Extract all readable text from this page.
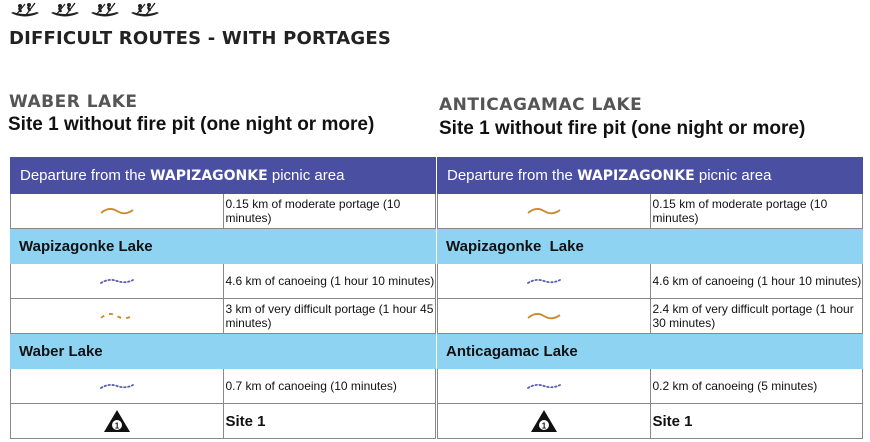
DIFFICULT ROUTES - WITH PORTAGES
WABER LAKE
Site 1 without fire pit (one night or more)
Departure from the WAPIZAGONKE picnic area	

	0.15 km of moderate portage (10 minutes)
Wapizagonke Lake	

	4.6 km of canoeing (1 hour 10 minutes)

	3 km of very difficult portage (1 hour 45 minutes)
Waber Lake	

	0.7 km of canoeing (10 minutes)

1	Site 1
ANTICAGAMAC LAKE
Site 1 without fire pit (one night or more)
Departure from the WAPIZAGONKE picnic area	

	0.15 km of moderate portage (10 minutes)
Wapizagonke  Lake	

	4.6 km of canoeing (1 hour 10 minutes)

	2.4 km of very difficult portage (1 hour 30 minutes)
Anticagamac Lake	

	0.2 km of canoeing (5 minutes)

1	Site 1
